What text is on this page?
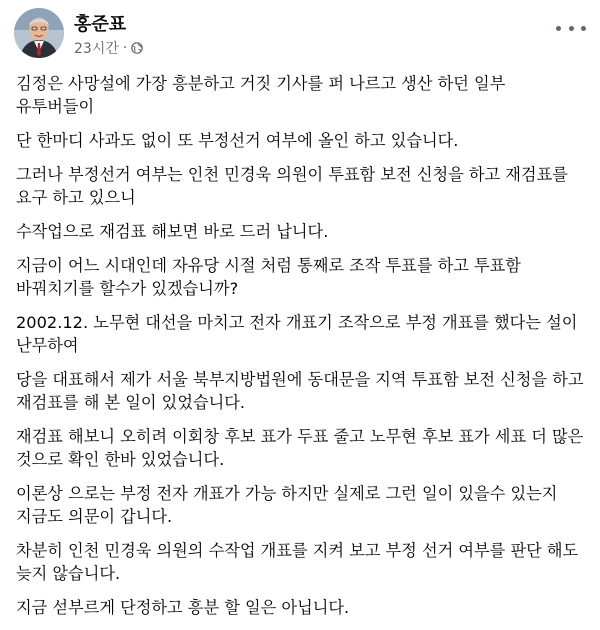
홍준표
23시간 ·

김정은 사망설에 가장 흥분하고 거짓 기사를 퍼 나르고 생산 하던 일부 유투버들이

단 한마디 사과도 없이 또 부정선거 여부에 올인 하고 있습니다.

그러나 부정선거 여부는 인천 민경욱 의원이 투표함 보전 신청을 하고 재검표를 요구 하고 있으니

수작업으로 재검표 해보면 바로 드러 납니다.

지금이 어느 시대인데 자유당 시절 처럼 통째로 조작 투표를 하고 투표함 바꿔치기를 할수가 있겠습니까?

2002.12. 노무현 대선을 마치고 전자 개표기 조작으로 부정 개표를 했다는 설이 난무하여

당을 대표해서 제가 서울 북부지방법원에 동대문을 지역 투표함 보전 신청을 하고 재검표를 해 본 일이 있었습니다.

재검표 해보니 오히려 이회창 후보 표가 두표 줄고 노무현 후보 표가 세표 더 많은 것으로 확인 한바 있었습니다.

이론상 으로는 부정 전자 개표가 가능 하지만 실제로 그런 일이 있을수 있는지 지금도 의문이 갑니다.

차분히 인천 민경욱 의원의 수작업 개표를 지켜 보고 부정 선거 여부를 판단 해도 늦지 않습니다.

지금 섣부르게 단정하고 흥분 할 일은 아닙니다.
